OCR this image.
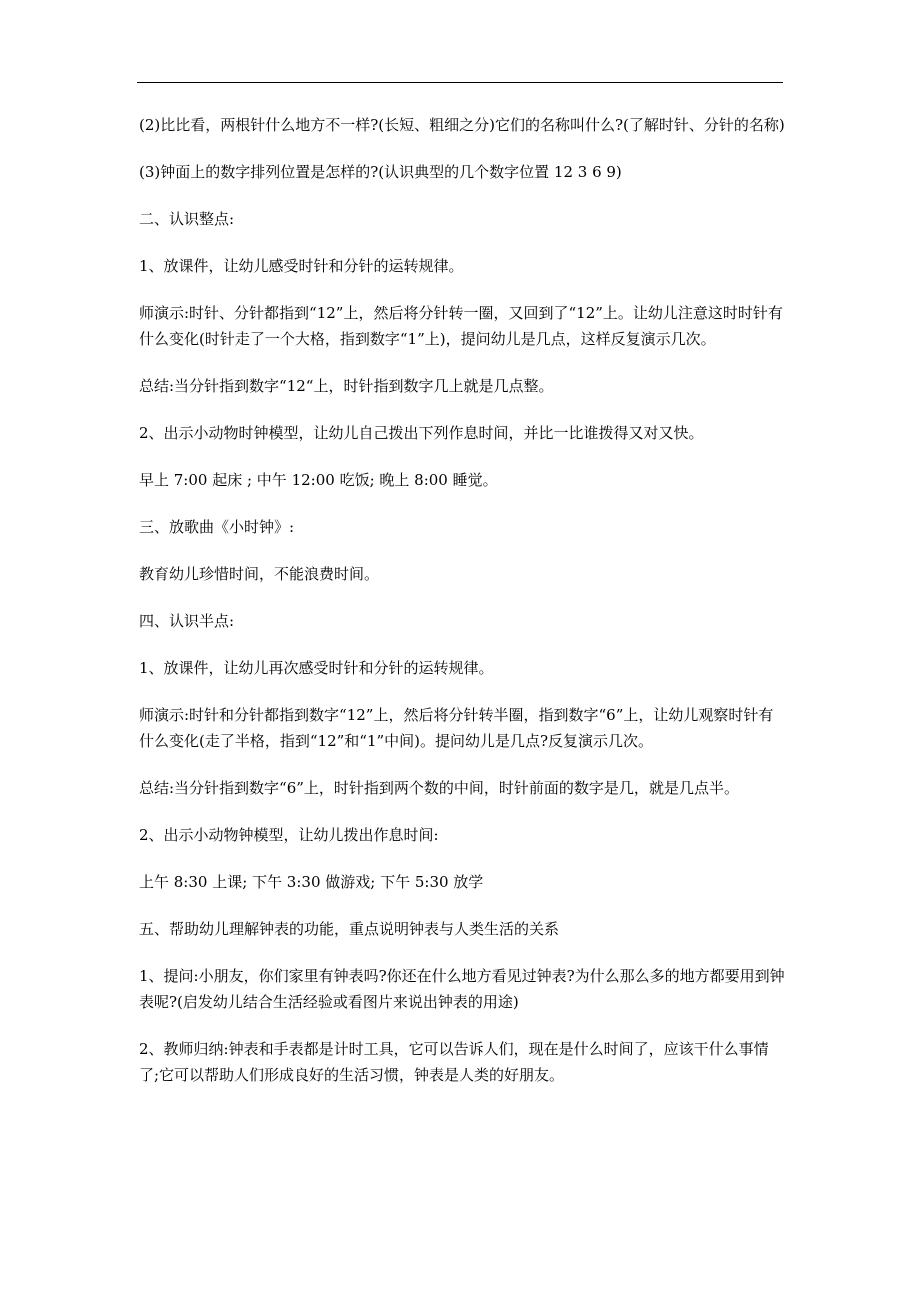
(2)比比看，两根针什么地方不一样?(长短、粗细之分)它们的名称叫什么?(了解时针、分针的名称)

(3)钟面上的数字排列位置是怎样的?(认识典型的几个数字位置 12 3 6 9)

二、认识整点:

1、放课件，让幼儿感受时针和分针的运转规律。

师演示:时针、分针都指到“12”上，然后将分针转一圈，又回到了“12”上。让幼儿注意这时时针有什么变化(时针走了一个大格，指到数字“1”上)，提问幼儿是几点，这样反复演示几次。

总结:当分针指到数字“12“上，时针指到数字几上就是几点整。

2、出示小动物时钟模型，让幼儿自己拨出下列作息时间，并比一比谁拨得又对又快。

早上 7:00 起床 ; 中午 12:00 吃饭; 晚上 8:00 睡觉。

三、放歌曲《小时钟》:

教育幼儿珍惜时间，不能浪费时间。

四、认识半点:

1、放课件，让幼儿再次感受时针和分针的运转规律。

师演示:时针和分针都指到数字“12”上，然后将分针转半圈，指到数字“6”上，让幼儿观察时针有什么变化(走了半格，指到“12”和“1”中间)。提问幼儿是几点?反复演示几次。

总结:当分针指到数字“6”上，时针指到两个数的中间，时针前面的数字是几，就是几点半。

2、出示小动物钟模型，让幼儿拨出作息时间:

上午 8:30 上课; 下午 3:30 做游戏; 下午 5:30 放学

五、帮助幼儿理解钟表的功能，重点说明钟表与人类生活的关系

1、提问:小朋友，你们家里有钟表吗?你还在什么地方看见过钟表?为什么那么多的地方都要用到钟表呢?(启发幼儿结合生活经验或看图片来说出钟表的用途)

2、教师归纳:钟表和手表都是计时工具，它可以告诉人们，现在是什么时间了，应该干什么事情了;它可以帮助人们形成良好的生活习惯，钟表是人类的好朋友。
